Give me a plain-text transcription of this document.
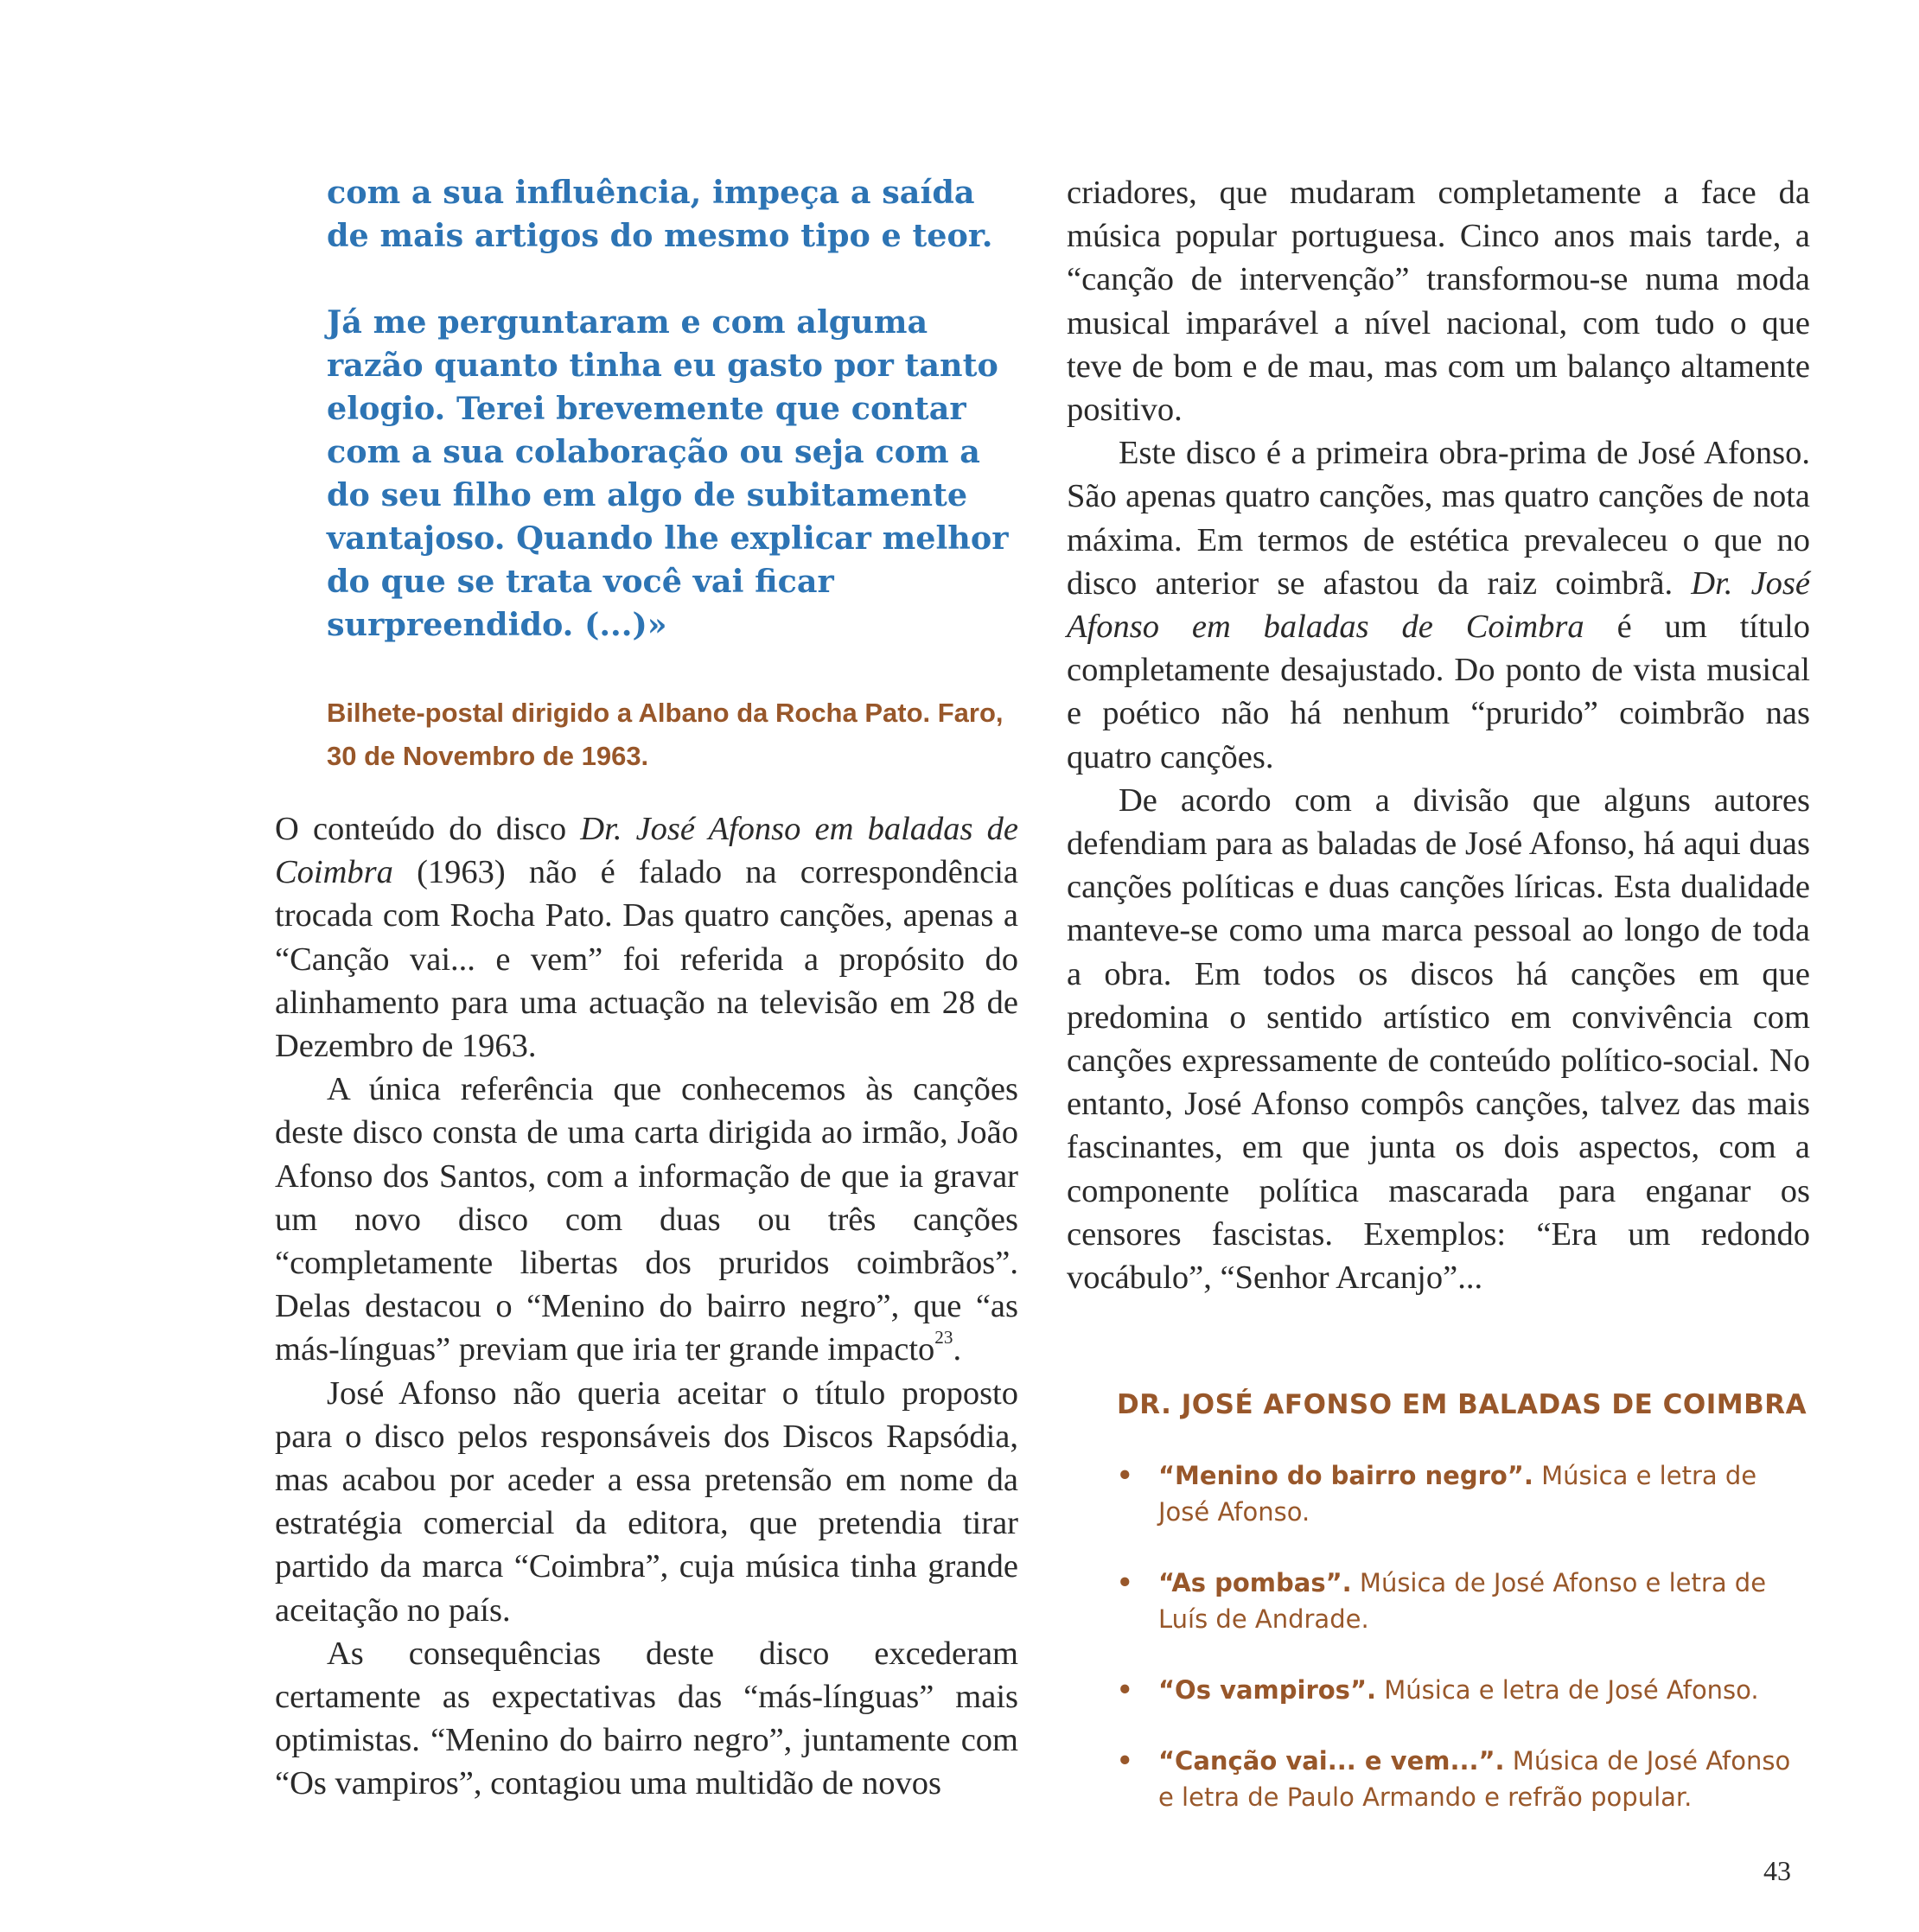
com a sua influência, impeça a saída de mais artigos do mesmo tipo e teor.

Já me perguntaram e com alguma razão quanto tinha eu gasto por tanto elogio. Terei brevemente que contar com a sua colaboração ou seja com a do seu filho em algo de subitamente vantajoso. Quando lhe explicar melhor do que se trata você vai ficar surpreendido. (...)»

Bilhete-postal dirigido a Albano da Rocha Pato. Faro, 30 de Novembro de 1963.

O conteúdo do disco Dr. José Afonso em baladas de Coimbra (1963) não é falado na correspondência trocada com Rocha Pato. Das quatro canções, apenas a “Canção vai... e vem” foi referida a propósito do alinhamento para uma actuação na televisão em 28 de Dezembro de 1963.

A única referência que conhecemos às canções deste disco consta de uma carta dirigida ao irmão, João Afonso dos Santos, com a informação de que ia gravar um novo disco com duas ou três canções “completamente libertas dos pruridos coimbrãos”. Delas destacou o “Menino do bairro negro”, que “as más-línguas” previam que iria ter grande impacto$^{23}$.

José Afonso não queria aceitar o título proposto para o disco pelos responsáveis dos Discos Rapsódia, mas acabou por aceder a essa pretensão em nome da estratégia comercial da editora, que pretendia tirar partido da marca “Coimbra”, cuja música tinha grande aceitação no país.

As consequências deste disco excederam certamente as expectativas das “más-línguas” mais optimistas. “Menino do bairro negro”, juntamente com “Os vampiros”, contagiou uma multidão de novos

criadores, que mudaram completamente a face da música popular portuguesa. Cinco anos mais tarde, a “canção de intervenção” transformou-se numa moda musical imparável a nível nacional, com tudo o que teve de bom e de mau, mas com um balanço altamente positivo.

Este disco é a primeira obra-prima de José Afonso. São apenas quatro canções, mas quatro canções de nota máxima. Em termos de estética prevaleceu o que no disco anterior se afastou da raiz coimbrã. Dr. José Afonso em baladas de Coimbra é um título completamente desajustado. Do ponto de vista musical e poético não há nenhum “prurido” coimbrão nas quatro canções.

De acordo com a divisão que alguns autores defendiam para as baladas de José Afonso, há aqui duas canções políticas e duas canções líricas. Esta dualidade manteve-se como uma marca pessoal ao longo de toda a obra. Em todos os discos há canções em que predomina o sentido artístico em convivência com canções expressamente de conteúdo político-social. No entanto, José Afonso compôs canções, talvez das mais fascinantes, em que junta os dois aspectos, com a componente política mascarada para enganar os censores fascistas. Exemplos: “Era um redondo vocábulo”, “Senhor Arcanjo”...

DR. JOSÉ AFONSO EM BALADAS DE COIMBRA
• “Menino do bairro negro”. Música e letra de José Afonso.
• “As pombas”. Música de José Afonso e letra de Luís de Andrade.
• “Os vampiros”. Música e letra de José Afonso.
• “Canção vai... e vem...”. Música de José Afonso e letra de Paulo Armando e refrão popular.
43
